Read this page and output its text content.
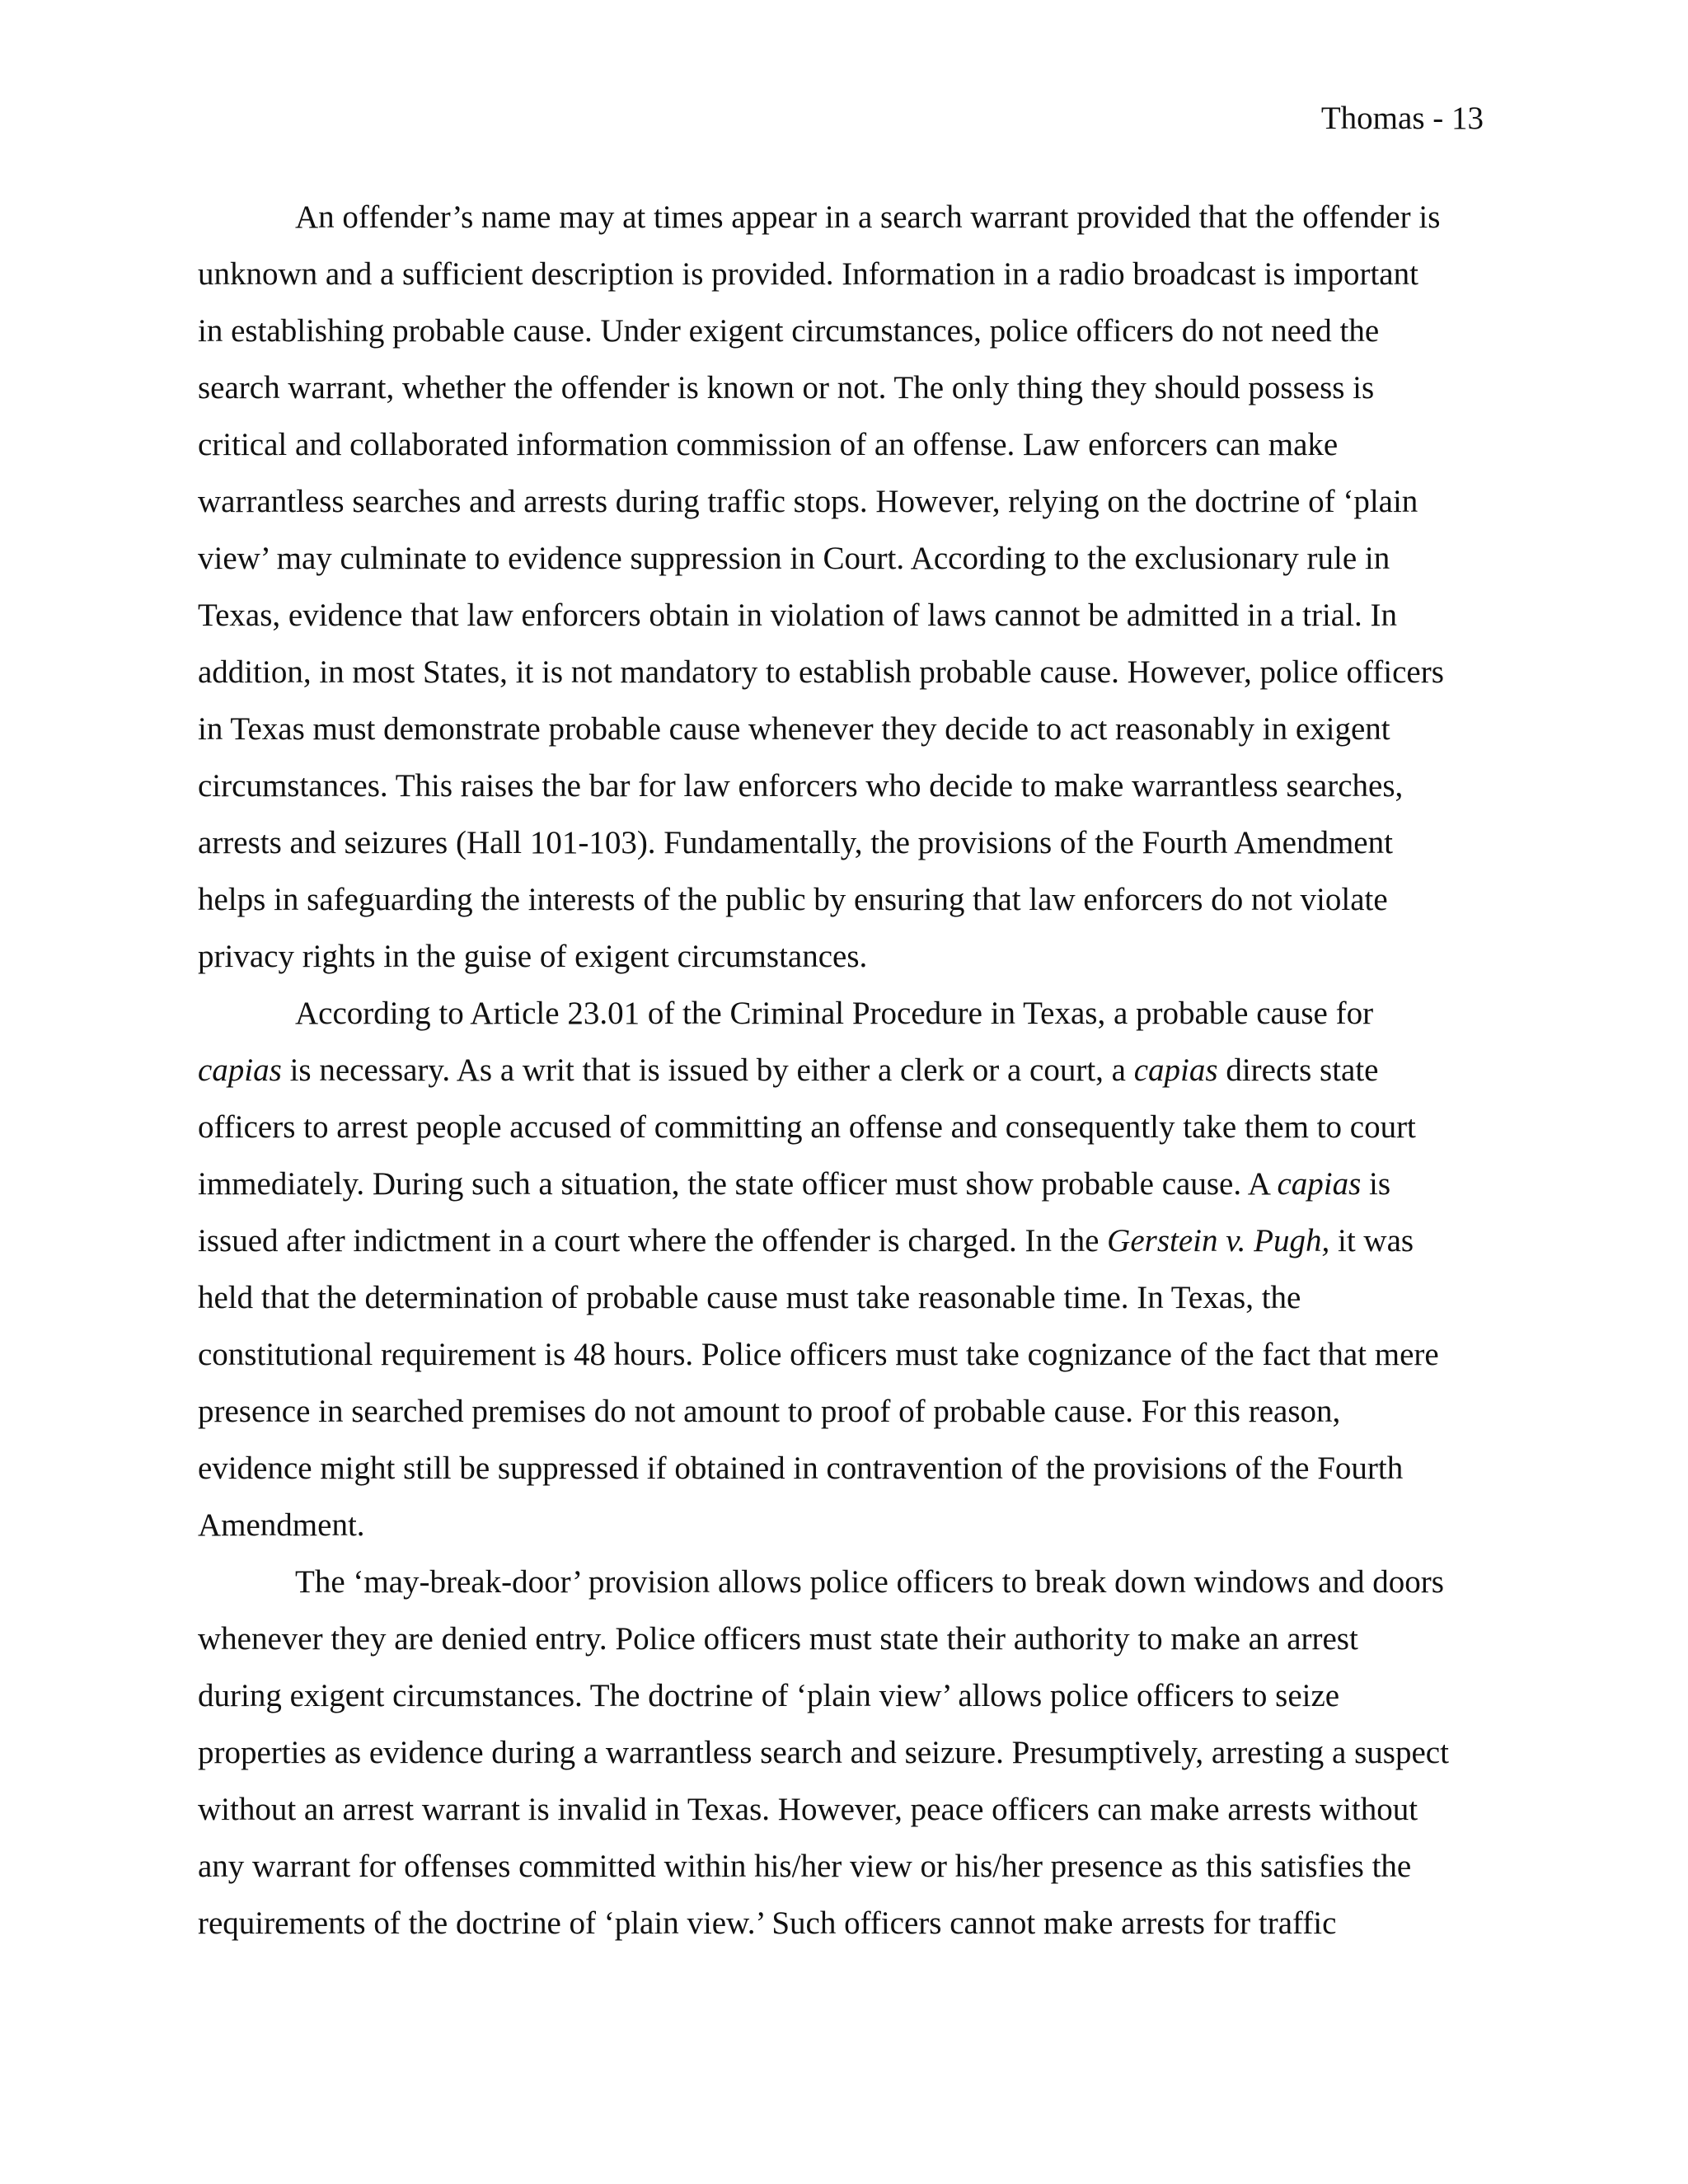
Thomas - 13
An offender’s name may at times appear in a search warrant provided that the offender is
unknown and a sufficient description is provided. Information in a radio broadcast is important
in establishing probable cause. Under exigent circumstances, police officers do not need the
search warrant, whether the offender is known or not. The only thing they should possess is
critical and collaborated information commission of an offense. Law enforcers can make
warrantless searches and arrests during traffic stops. However, relying on the doctrine of ‘plain
view’ may culminate to evidence suppression in Court. According to the exclusionary rule in
Texas, evidence that law enforcers obtain in violation of laws cannot be admitted in a trial. In
addition, in most States, it is not mandatory to establish probable cause. However, police officers
in Texas must demonstrate probable cause whenever they decide to act reasonably in exigent
circumstances. This raises the bar for law enforcers who decide to make warrantless searches,
arrests and seizures (Hall 101-103). Fundamentally, the provisions of the Fourth Amendment
helps in safeguarding the interests of the public by ensuring that law enforcers do not violate
privacy rights in the guise of exigent circumstances.
According to Article 23.01 of the Criminal Procedure in Texas, a probable cause for
capias is necessary. As a writ that is issued by either a clerk or a court, a capias directs state
officers to arrest people accused of committing an offense and consequently take them to court
immediately. During such a situation, the state officer must show probable cause. A capias is
issued after indictment in a court where the offender is charged. In the Gerstein v. Pugh, it was
held that the determination of probable cause must take reasonable time. In Texas, the
constitutional requirement is 48 hours. Police officers must take cognizance of the fact that mere
presence in searched premises do not amount to proof of probable cause. For this reason,
evidence might still be suppressed if obtained in contravention of the provisions of the Fourth
Amendment.
The ‘may-break-door’ provision allows police officers to break down windows and doors
whenever they are denied entry. Police officers must state their authority to make an arrest
during exigent circumstances. The doctrine of ‘plain view’ allows police officers to seize
properties as evidence during a warrantless search and seizure. Presumptively, arresting a suspect
without an arrest warrant is invalid in Texas. However, peace officers can make arrests without
any warrant for offenses committed within his/her view or his/her presence as this satisfies the
requirements of the doctrine of ‘plain view.’ Such officers cannot make arrests for traffic
